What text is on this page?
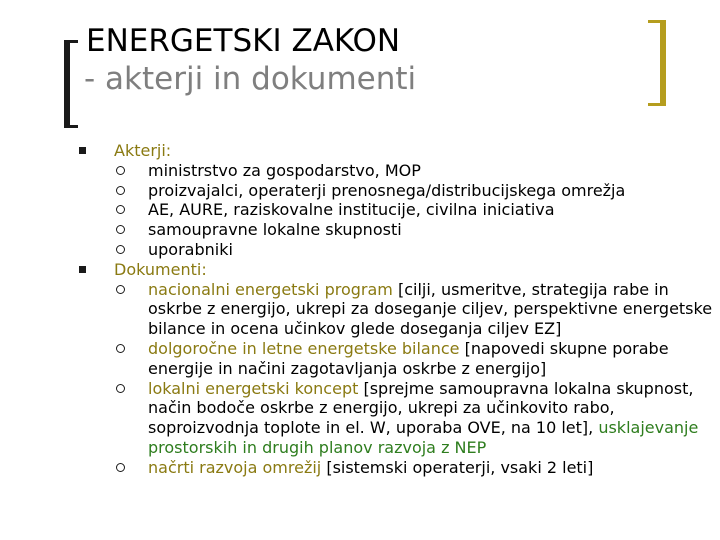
ENERGETSKI ZAKON
- akterji in dokumenti
Akterji:
ministrstvo za gospodarstvo, MOP
proizvajalci, operaterji prenosnega/distribucijskega omrežja
AE, AURE, raziskovalne institucije, civilna iniciativa
samoupravne lokalne skupnosti
uporabniki
Dokumenti:
nacionalni energetski program [cilji, usmeritve, strategija rabe in oskrbe z energijo, ukrepi za doseganje ciljev, perspektivne energetske bilance in ocena učinkov glede doseganja ciljev EZ]
dolgoročne in letne energetske bilance [napovedi skupne porabe energije in načini zagotavljanja oskrbe z energijo]
lokalni energetski koncept [sprejme samoupravna lokalna skupnost, način bodoče oskrbe z energijo, ukrepi za učinkovito rabo, soproizvodnja toplote in el. W, uporaba OVE, na 10 let], usklajevanje prostorskih in drugih planov razvoja z NEP
načrti razvoja omrežij [sistemski operaterji, vsaki 2 leti]
